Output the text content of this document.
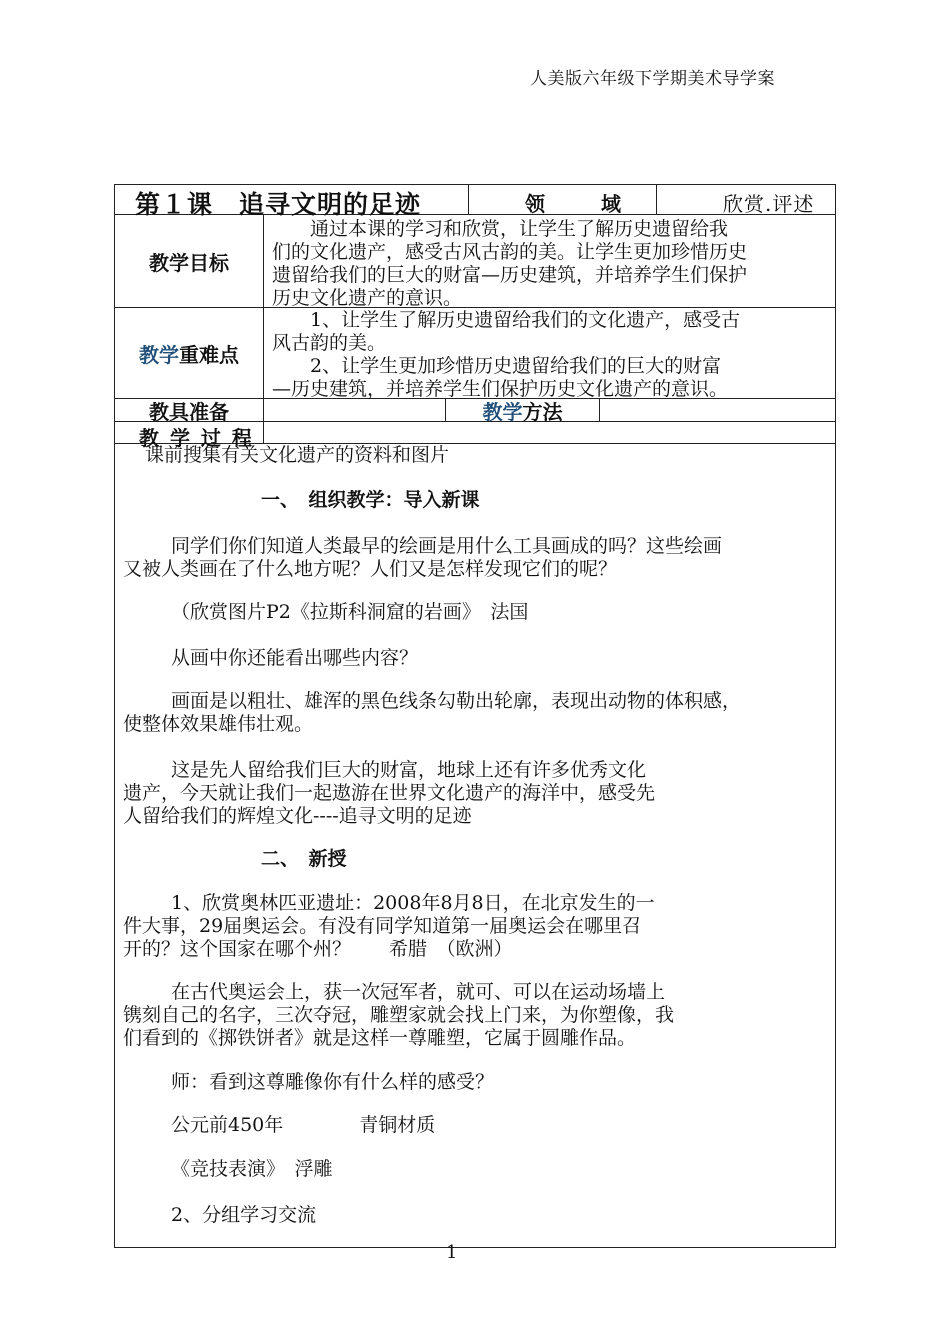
人美版六年级下学期美术导学案
第１课　追寻文明的足迹	领　域	欣赏.评述
教学目标
　　通过本课的学习和欣赏，让学生了解历史遗留给我
们的文化遗产，感受古风古韵的美。让学生更加珍惜历史
遗留给我们的巨大的财富—历史建筑，并培养学生们保护
历史文化遗产的意识。
教学 重难点
　　1、让学生了解历史遗留给我们的文化遗产，感受古
风古韵的美。
　　2、让学生更加珍惜历史遗留给我们的巨大的财富
—历史建筑，并培养学生们保护历史文化遗产的意识。
教具准备	教学 方法
教 学 过 程
课前搜集有关文化遗产的资料和图片
一、　组织教学：导入新课
同学们你们知道人类最早的绘画是用什么工具画成的吗？这些绘画
又被人类画在了什么地方呢？人们又是怎样发现它们的呢？
（欣赏图片P2《拉斯科洞窟的岩画》　法国
从画中你还能看出哪些内容？
画面是以粗壮、雄浑的黑色线条勾勒出轮廓，表现出动物的体积感，
使整体效果雄伟壮观。
这是先人留给我们巨大的财富，地球上还有许多优秀文化
遗产，今天就让我们一起遨游在世界文化遗产的海洋中，感受先
人留给我们的辉煌文化----追寻文明的足迹
二、　新授
1、欣赏奥林匹亚遗址：2008年8月8日，在北京发生的一
件大事，29届奥运会。有没有同学知道第一届奥运会在哪里召
开的？这个国家在哪个州？　　希腊　（欧洲）
在古代奥运会上，获一次冠军者，就可、可以在运动场墙上
镌刻自己的名字，三次夺冠，雕塑家就会找上门来，为你塑像，我
们看到的《掷铁饼者》就是这样一尊雕塑，它属于圆雕作品。
师：看到这尊雕像你有什么样的感受？
公元前450年　　　　青铜材质
《竞技表演》　浮雕
2、分组学习交流
1
